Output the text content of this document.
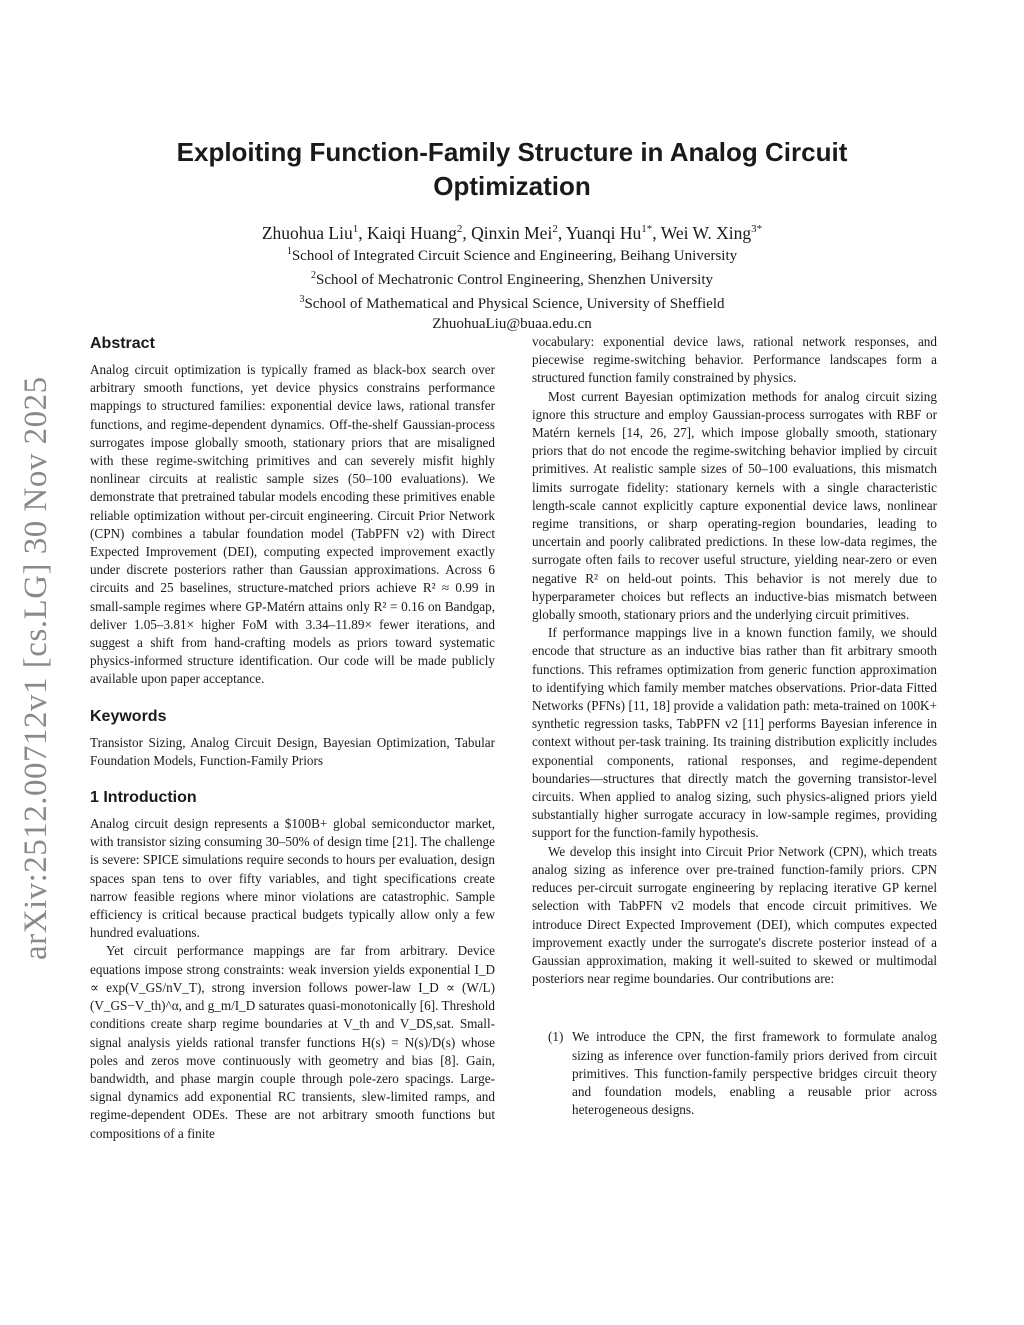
arXiv:2512.00712v1 [cs.LG] 30 Nov 2025
Exploiting Function-Family Structure in Analog Circuit Optimization
Zhuohua Liu$^1$, Kaiqi Huang$^2$, Qinxin Mei$^2$, Yuanqi $Hu^{1*}$, Wei W. Xing$^{3*}$
$^1$School of Integrated Circuit Science and Engineering, Beihang University
$^2$School of Mechatronic Control Engineering, Shenzhen University
$^3$School of Mathematical and Physical Science, University of Sheffield
ZhuohuaLiu@buaa.edu.cn
Abstract

Analog circuit optimization is typically framed as black-box search over arbitrary smooth functions, yet device physics constrains performance mappings to structured families: exponential device laws, rational transfer functions, and regime-dependent dynamics. Off-the-shelf Gaussian-process surrogates impose globally smooth, stationary priors that are misaligned with these regime-switching primitives and can severely misfit highly nonlinear circuits at realistic sample sizes (50–100 evaluations). We demonstrate that pretrained tabular models encoding these primitives enable reliable optimization without per-circuit engineering. Circuit Prior Network (CPN) combines a tabular foundation model (TabPFN v2) with Direct Expected Improvement (DEI), computing expected improvement exactly under discrete posteriors rather than Gaussian approximations. Across 6 circuits and 25 baselines, structure-matched priors achieve R² ≈ 0.99 in small-sample regimes where GP-Matérn attains only R² = 0.16 on Bandgap, deliver 1.05–3.81× higher FoM with 3.34–11.89× fewer iterations, and suggest a shift from hand-crafting models as priors toward systematic physics-informed structure identification. Our code will be made publicly available upon paper acceptance.

Keywords

Transistor Sizing, Analog Circuit Design, Bayesian Optimization, Tabular Foundation Models, Function-Family Priors

1 Introduction

Analog circuit design represents a $100B+ global semiconductor market, with transistor sizing consuming 30–50% of design time [21]. The challenge is severe: SPICE simulations require seconds to hours per evaluation, design spaces span tens to over fifty variables, and tight specifications create narrow feasible regions where minor violations are catastrophic. Sample efficiency is critical because practical budgets typically allow only a few hundred evaluations.

Yet circuit performance mappings are far from arbitrary. Device equations impose strong constraints: weak inversion yields exponential I_D ∝ exp(V_GS/nV_T), strong inversion follows power-law I_D ∝ (W/L)(V_GS−V_th)^α, and g_m/I_D saturates quasi-monotonically [6]. Threshold conditions create sharp regime boundaries at V_th and V_DS,sat. Small-signal analysis yields rational transfer functions H(s) = N(s)/D(s) whose poles and zeros move continuously with geometry and bias [8]. Gain, bandwidth, and phase margin couple through pole-zero spacings. Large-signal dynamics add exponential RC transients, slew-limited ramps, and regime-dependent ODEs. These are not arbitrary smooth functions but compositions of a finite

vocabulary: exponential device laws, rational network responses, and piecewise regime-switching behavior. Performance landscapes form a structured function family constrained by physics.

Most current Bayesian optimization methods for analog circuit sizing ignore this structure and employ Gaussian-process surrogates with RBF or Matérn kernels [14, 26, 27], which impose globally smooth, stationary priors that do not encode the regime-switching behavior implied by circuit primitives. At realistic sample sizes of 50–100 evaluations, this mismatch limits surrogate fidelity: stationary kernels with a single characteristic length-scale cannot explicitly capture exponential device laws, nonlinear regime transitions, or sharp operating-region boundaries, leading to uncertain and poorly calibrated predictions. In these low-data regimes, the surrogate often fails to recover useful structure, yielding near-zero or even negative R² on held-out points. This behavior is not merely due to hyperparameter choices but reflects an inductive-bias mismatch between globally smooth, stationary priors and the underlying circuit primitives.

If performance mappings live in a known function family, we should encode that structure as an inductive bias rather than fit arbitrary smooth functions. This reframes optimization from generic function approximation to identifying which family member matches observations. Prior-data Fitted Networks (PFNs) [11, 18] provide a validation path: meta-trained on 100K+ synthetic regression tasks, TabPFN v2 [11] performs Bayesian inference in context without per-task training. Its training distribution explicitly includes exponential components, rational responses, and regime-dependent boundaries—structures that directly match the governing transistor-level circuits. When applied to analog sizing, such physics-aligned priors yield substantially higher surrogate accuracy in low-sample regimes, providing support for the function-family hypothesis.

We develop this insight into Circuit Prior Network (CPN), which treats analog sizing as inference over pre-trained function-family priors. CPN reduces per-circuit surrogate engineering by replacing iterative GP kernel selection with TabPFN v2 models that encode circuit primitives. We introduce Direct Expected Improvement (DEI), which computes expected improvement exactly under the surrogate's discrete posterior instead of a Gaussian approximation, making it well-suited to skewed or multimodal posteriors near regime boundaries. Our contributions are:

(1) We introduce the CPN, the first framework to formulate analog sizing as inference over function-family priors derived from circuit primitives. This function-family perspective bridges circuit theory and foundation models, enabling a reusable prior across heterogeneous designs.
